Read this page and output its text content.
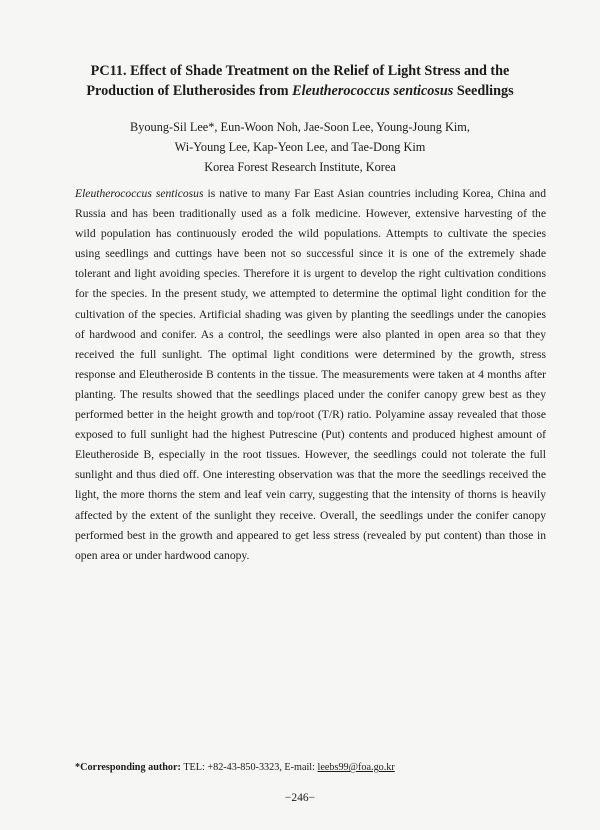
PC11. Effect of Shade Treatment on the Relief of Light Stress and the
Production of Elutherosides from Eleutherococcus senticosus Seedlings
Byoung-Sil Lee*, Eun-Woon Noh, Jae-Soon Lee, Young-Joung Kim,
Wi-Young Lee, Kap-Yeon Lee, and Tae-Dong Kim
Korea Forest Research Institute, Korea
Eleutherococcus senticosus is native to many Far East Asian countries including Korea, China and
Russia and has been traditionally used as a folk medicine. However, extensive harvesting of the
wild population has continuously eroded the wild populations. Attempts to cultivate the species
using seedlings and cuttings have been not so successful since it is one of the extremely shade
tolerant and light avoiding species. Therefore it is urgent to develop the right cultivation conditions
for the species. In the present study, we attempted to determine the optimal light condition for the
cultivation of the species. Artificial shading was given by planting the seedlings under the canopies
of hardwood and conifer. As a control, the seedlings were also planted in open area so that they
received the full sunlight. The optimal light conditions were determined by the growth, stress
response and Eleutheroside B contents in the tissue. The measurements were taken at 4 months after
planting. The results showed that the seedlings placed under the conifer canopy grew best as they
performed better in the height growth and top/root (T/R) ratio. Polyamine assay revealed that those
exposed to full sunlight had the highest Putrescine (Put) contents and produced highest amount of
Eleutheroside B, especially in the root tissues. However, the seedlings could not tolerate the full
sunlight and thus died off. One interesting observation was that the more the seedlings received the
light, the more thorns the stem and leaf vein carry, suggesting that the intensity of thorns is heavily
affected by the extent of the sunlight they receive. Overall, the seedlings under the conifer canopy
performed best in the growth and appeared to get less stress (revealed by put content) than those in
open area or under hardwood canopy.
*Corresponding author: TEL: +82-43-850-3323, E-mail: leebs99@foa.go.kr
−246−
